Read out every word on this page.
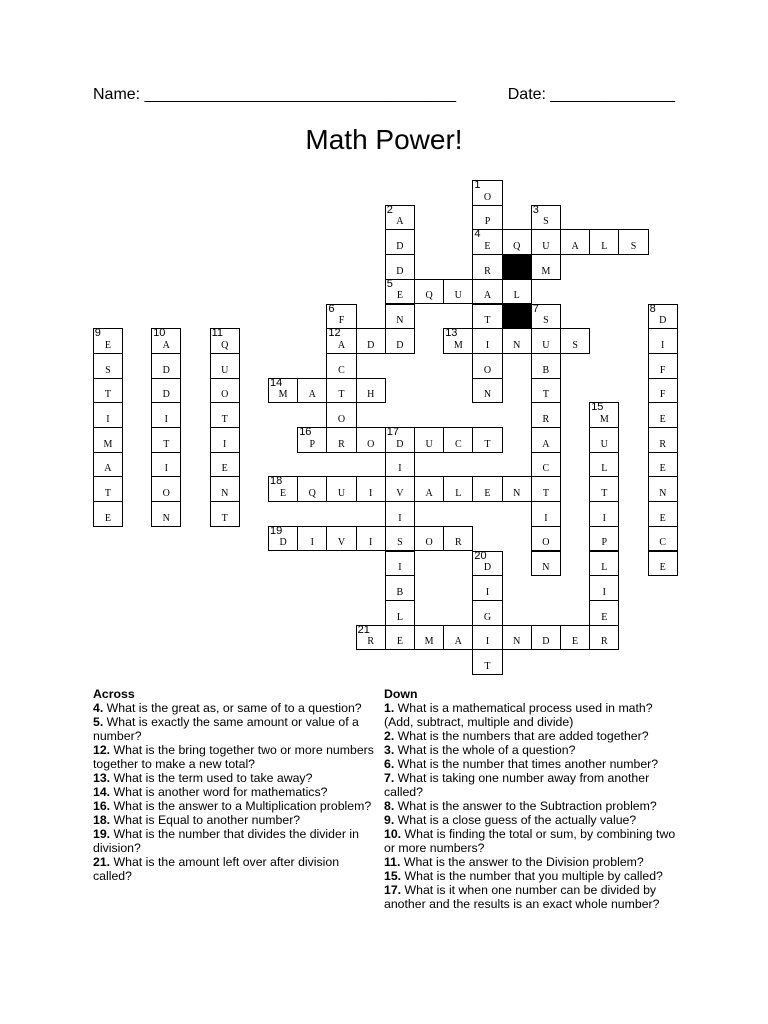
Name: ___________________________________	Date: ______________
Math Power!
1
O
2
A	P
3
S
D
4
E	Q	U	A	L	S
D	R	M
5
E	Q	U	A	L
6
F	N	T
7
S
8
D
9
E
10
A
11
Q
12
A	D	D
13
M	I	N	U	S	I
S	D	U	C	O	B	F
T	D	O
14
M	A	T	H	N	T	F
I	I	T	O	R
15
M	E
M	T	I
16
P	R	O
17
D	U	C	T	A	U	R
A	I	E	I	C	L	E
T	O	N
18
E	Q	U	I	V	A	L	E	N	T	T	N
E	N	T	I	I	I	E
19
D	I	V	I	S	O	R	O	P	C
I
20
D	N	L	E
B	I	I
L	G	E
21
R	E	M	A	I	N	D	E	R
T
Across
4. What is the great as, or same of to a question?
5. What is exactly the same amount or value of a number?
12. What is the bring together two or more numbers together to make a new total?
13. What is the term used to take away?
14. What is another word for mathematics?
16. What is the answer to a Multiplication problem?
18. What is Equal to another number?
19. What is the number that divides the divider in division?
21. What is the amount left over after division called?
Down
1. What is a mathematical process used in math? (Add, subtract, multiple and divide)
2. What is the numbers that are added together?
3. What is the whole of a question?
6. What is the number that times another number?
7. What is taking one number away from another called?
8. What is the answer to the Subtraction problem?
9. What is a close guess of the actually value?
10. What is finding the total or sum, by combining two or more numbers?
11. What is the answer to the Division problem?
15. What is the number that you multiple by called?
17. What is it when one number can be divided by another and the results is an exact whole number?
